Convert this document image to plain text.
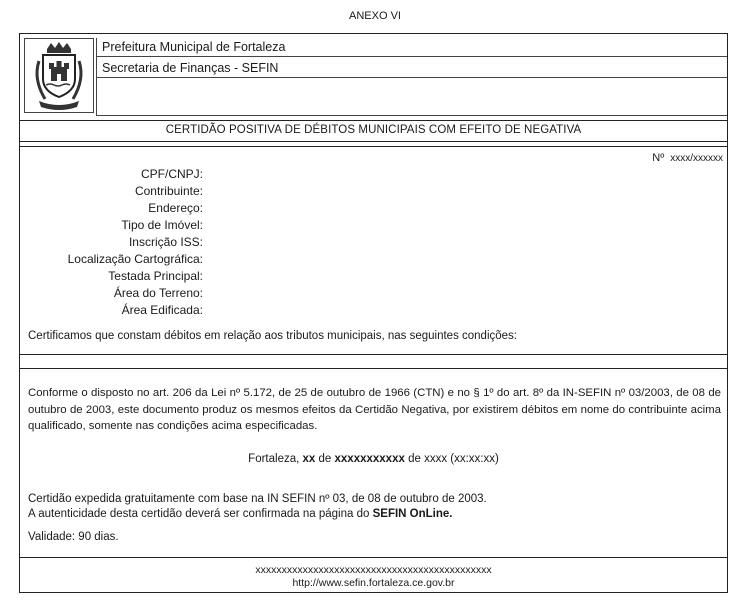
ANEXO VI
Prefeitura Municipal de Fortaleza
Secretaria de Finanças - SEFIN
CERTIDÃO POSITIVA DE DÉBITOS MUNICIPAIS COM EFEITO DE NEGATIVA
Nº xxxx/xxxxxx
CPF/CNPJ:
Contribuinte:
Endereço:
Tipo de Imóvel:
Inscrição ISS:
Localização Cartográfica:
Testada Principal:
Área do Terreno:
Área Edificada:
Certificamos que constam débitos em relação aos tributos municipais, nas seguintes condições:
Conforme o disposto no art. 206 da Lei nº 5.172, de 25 de outubro de 1966 (CTN) e no § 1º do art. 8º da IN-SEFIN nº 03/2003, de 08 de outubro de 2003, este documento produz os mesmos efeitos da Certidão Negativa, por existirem débitos em nome do contribuinte acima qualificado, somente nas condições acima especificadas.
Fortaleza, xx de xxxxxxxxxxx de xxxx (xx:xx:xx)
Certidão expedida gratuitamente com base na IN SEFIN nº 03, de 08 de outubro de 2003.
A autenticidade desta certidão deverá ser confirmada na página do SEFIN OnLine.
Validade: 90 dias.
xxxxxxxxxxxxxxxxxxxxxxxxxxxxxxxxxxxxxxxxxxxxx
http://www.sefin.fortaleza.ce.gov.br
